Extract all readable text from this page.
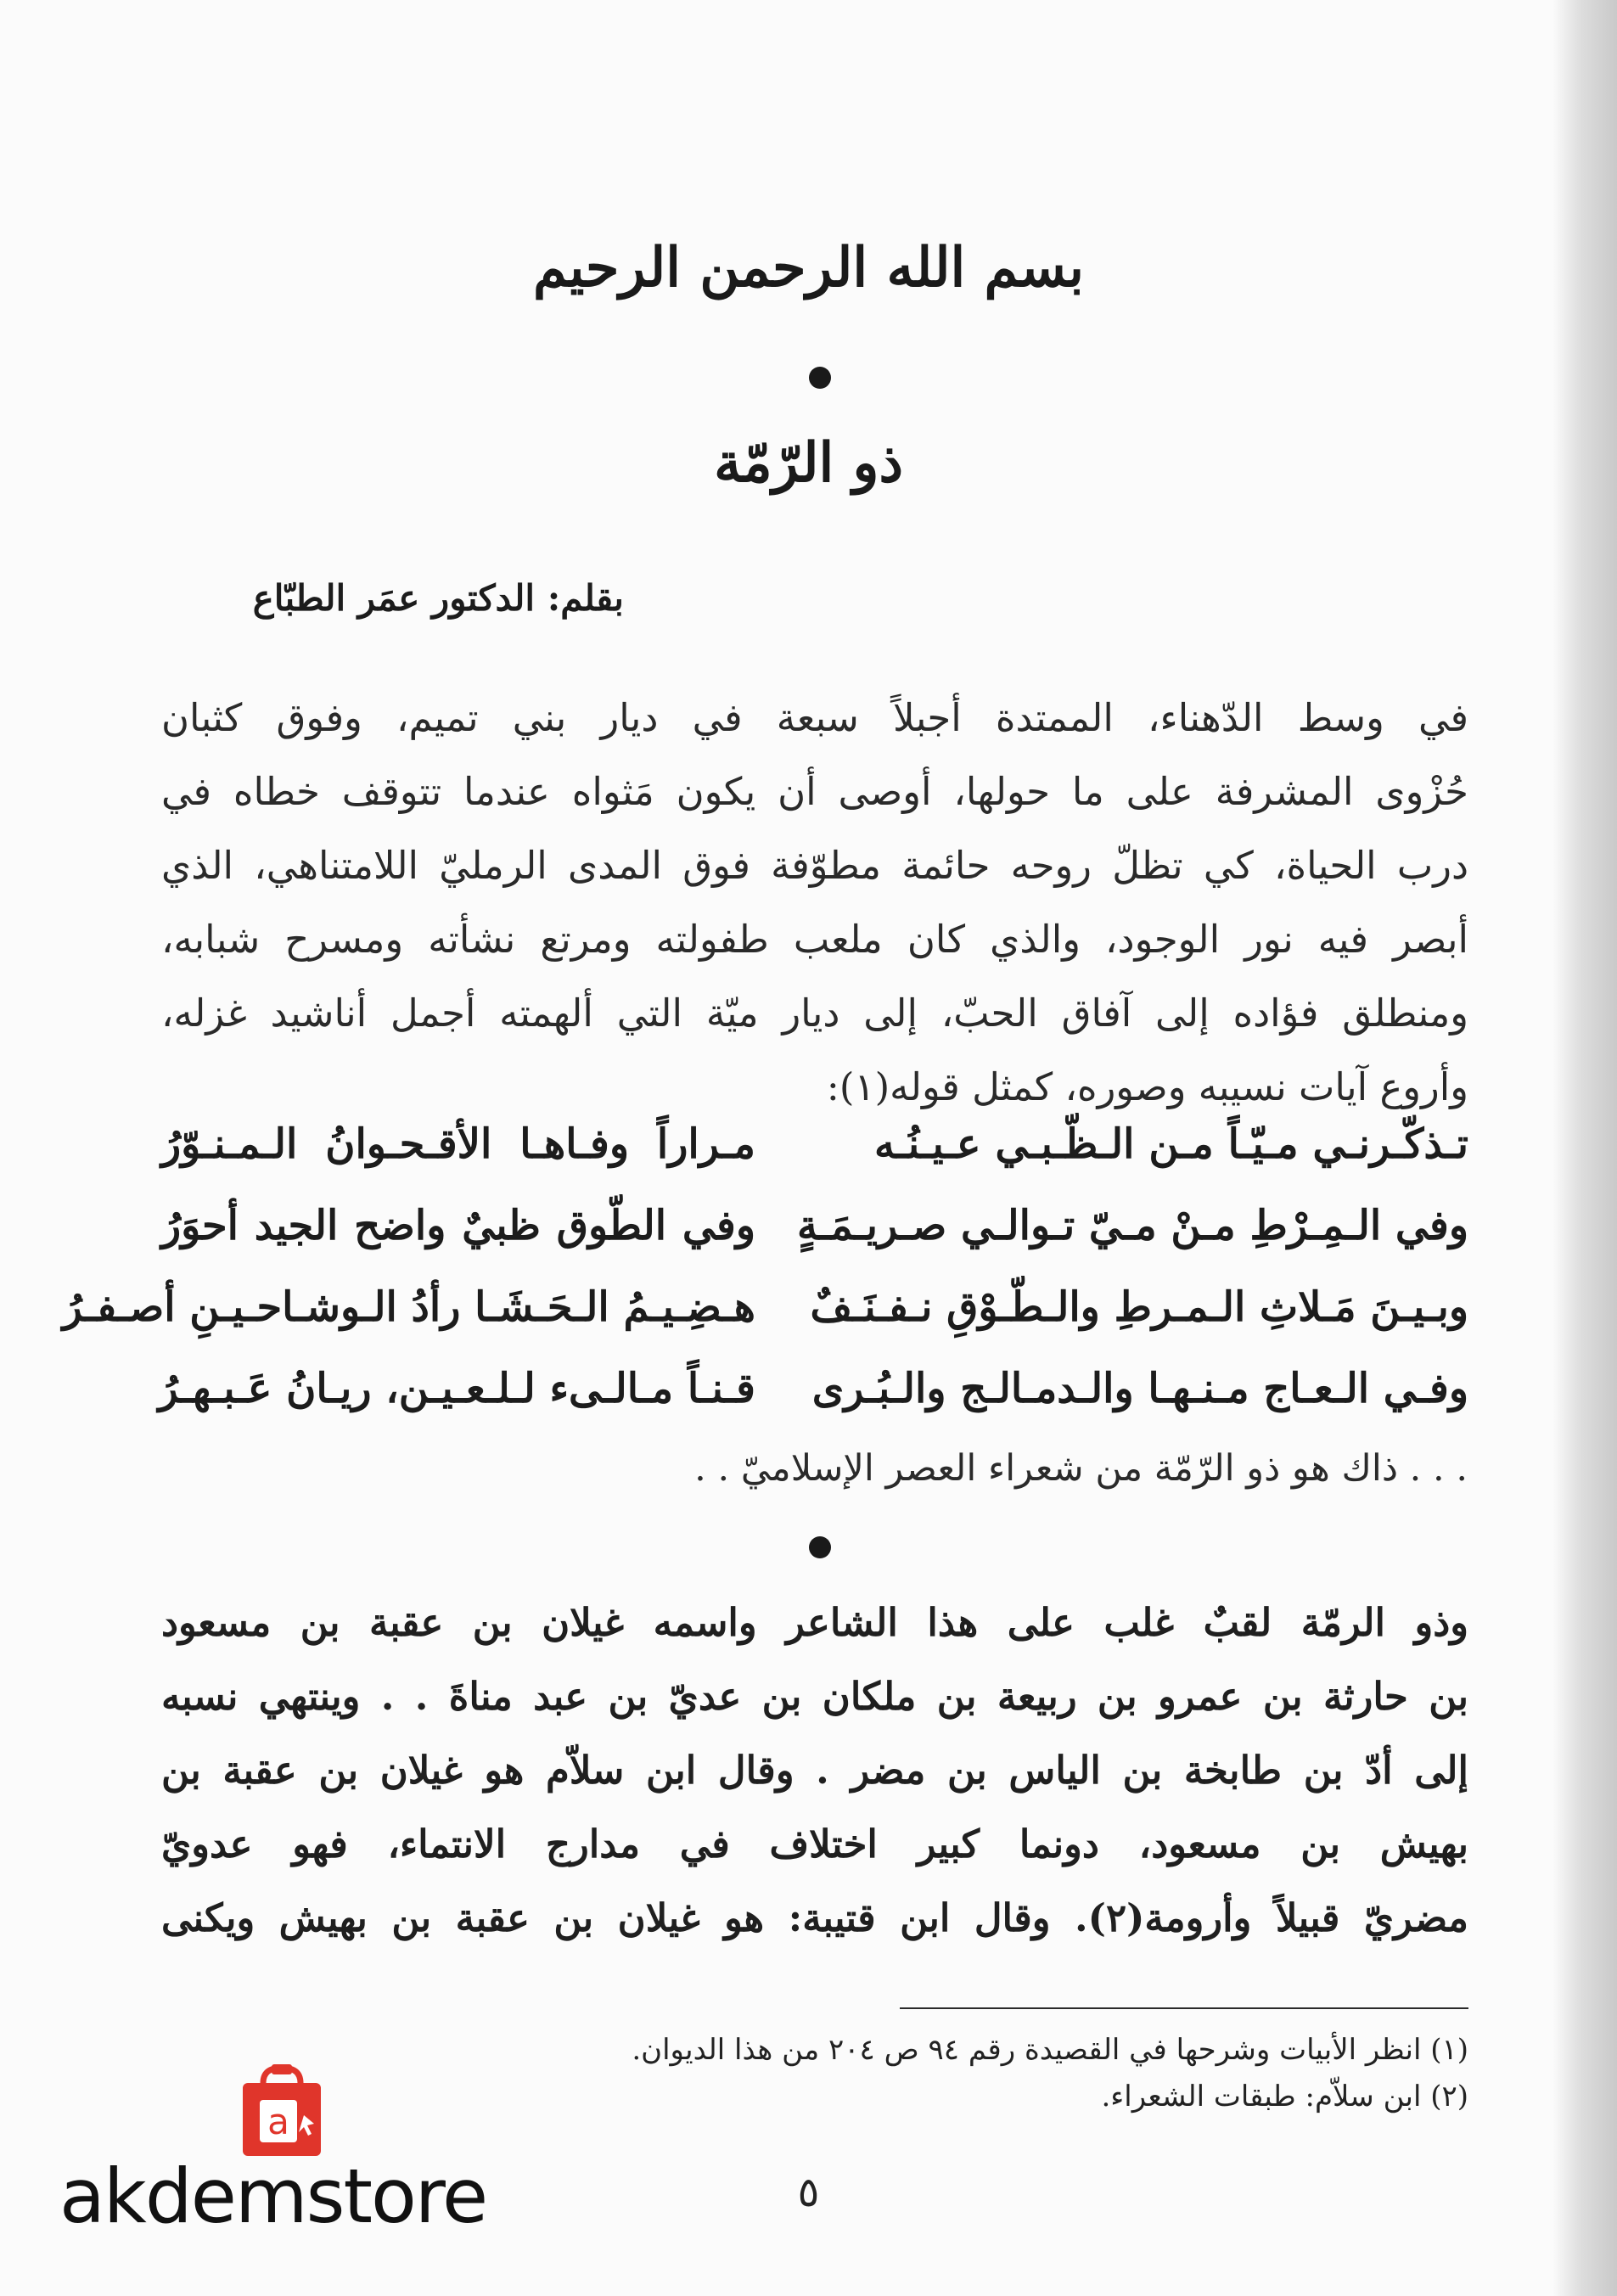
بسم الله الرحمن الرحيم
ذو الرّمّة
بقلم: الدكتور عمَر الطبّاع
في وسط الدّهناء، الممتدة أجبلاً سبعة في ديار بني تميم، وفوق كثبان
حُزْوى المشرفة على ما حولها، أوصى أن يكون مَثواه عندما تتوقف خطاه في
درب الحياة، كي تظلّ روحه حائمة مطوّفة فوق المدى الرمليّ اللامتناهي، الذي
أبصر فيه نور الوجود، والذي كان ملعب طفولته ومرتع نشأته ومسرح شبابه،
ومنطلق فؤاده إلى آفاق الحبّ، إلى ديار ميّة التي ألهمته أجمل أناشيد غزله،
وأروع آيات نسيبه وصوره، كمثل قوله(١):
تـذكّـرنـي مـيّـاً مـن الـظّـبـي عـيـنُـه
مـراراً وفـاهـا الأقـحـوانُ الـمـنـوّرُ
وفي الـمِـرْطِ مـنْ مـيّ تـوالـي صـريـمَـةٍ
وفي الطّوق ظبيٌ واضح الجيد أحوَرُ
وبـيـنَ مَـلاثِ الـمـرطِ والـطّـوْقِ نـفـنَـفٌ
هـضِـيـمُ الـحَـشَـا رأدُ الـوشـاحـيـنِ أصـفـرُ
وفـي الـعـاج مـنـهـا والـدمـالـج والـبُـرى
قـنـاً مـالـىء لـلـعـيـن، ريـانُ عَـبـهـرُ
. . . ذاك هو ذو الرّمّة من شعراء العصر الإسلاميّ . .
وذو الرمّة لقبٌ غلب على هذا الشاعر واسمه غيلان بن عقبة بن مسعود
بن حارثة بن عمرو بن ربيعة بن ملكان بن عديّ بن عبد مناةَ . . وينتهي نسبه
إلى أدّ بن طابخة بن الياس بن مضر . وقال ابن سلاّم هو غيلان بن عقبة بن
بهيش بن مسعود، دونما كبير اختلاف في مدارج الانتماء، فهو عدويّ
مضريّ قبيلاً وأرومة(٢). وقال ابن قتيبة: هو غيلان بن عقبة بن بهيش ويكنى
(١) انظر الأبيات وشرحها في القصيدة رقم ٩٤ ص ٢٠٤ من هذا الديوان.
(٢) ابن سلاّم: طبقات الشعراء.
٥
a
akdemstore
